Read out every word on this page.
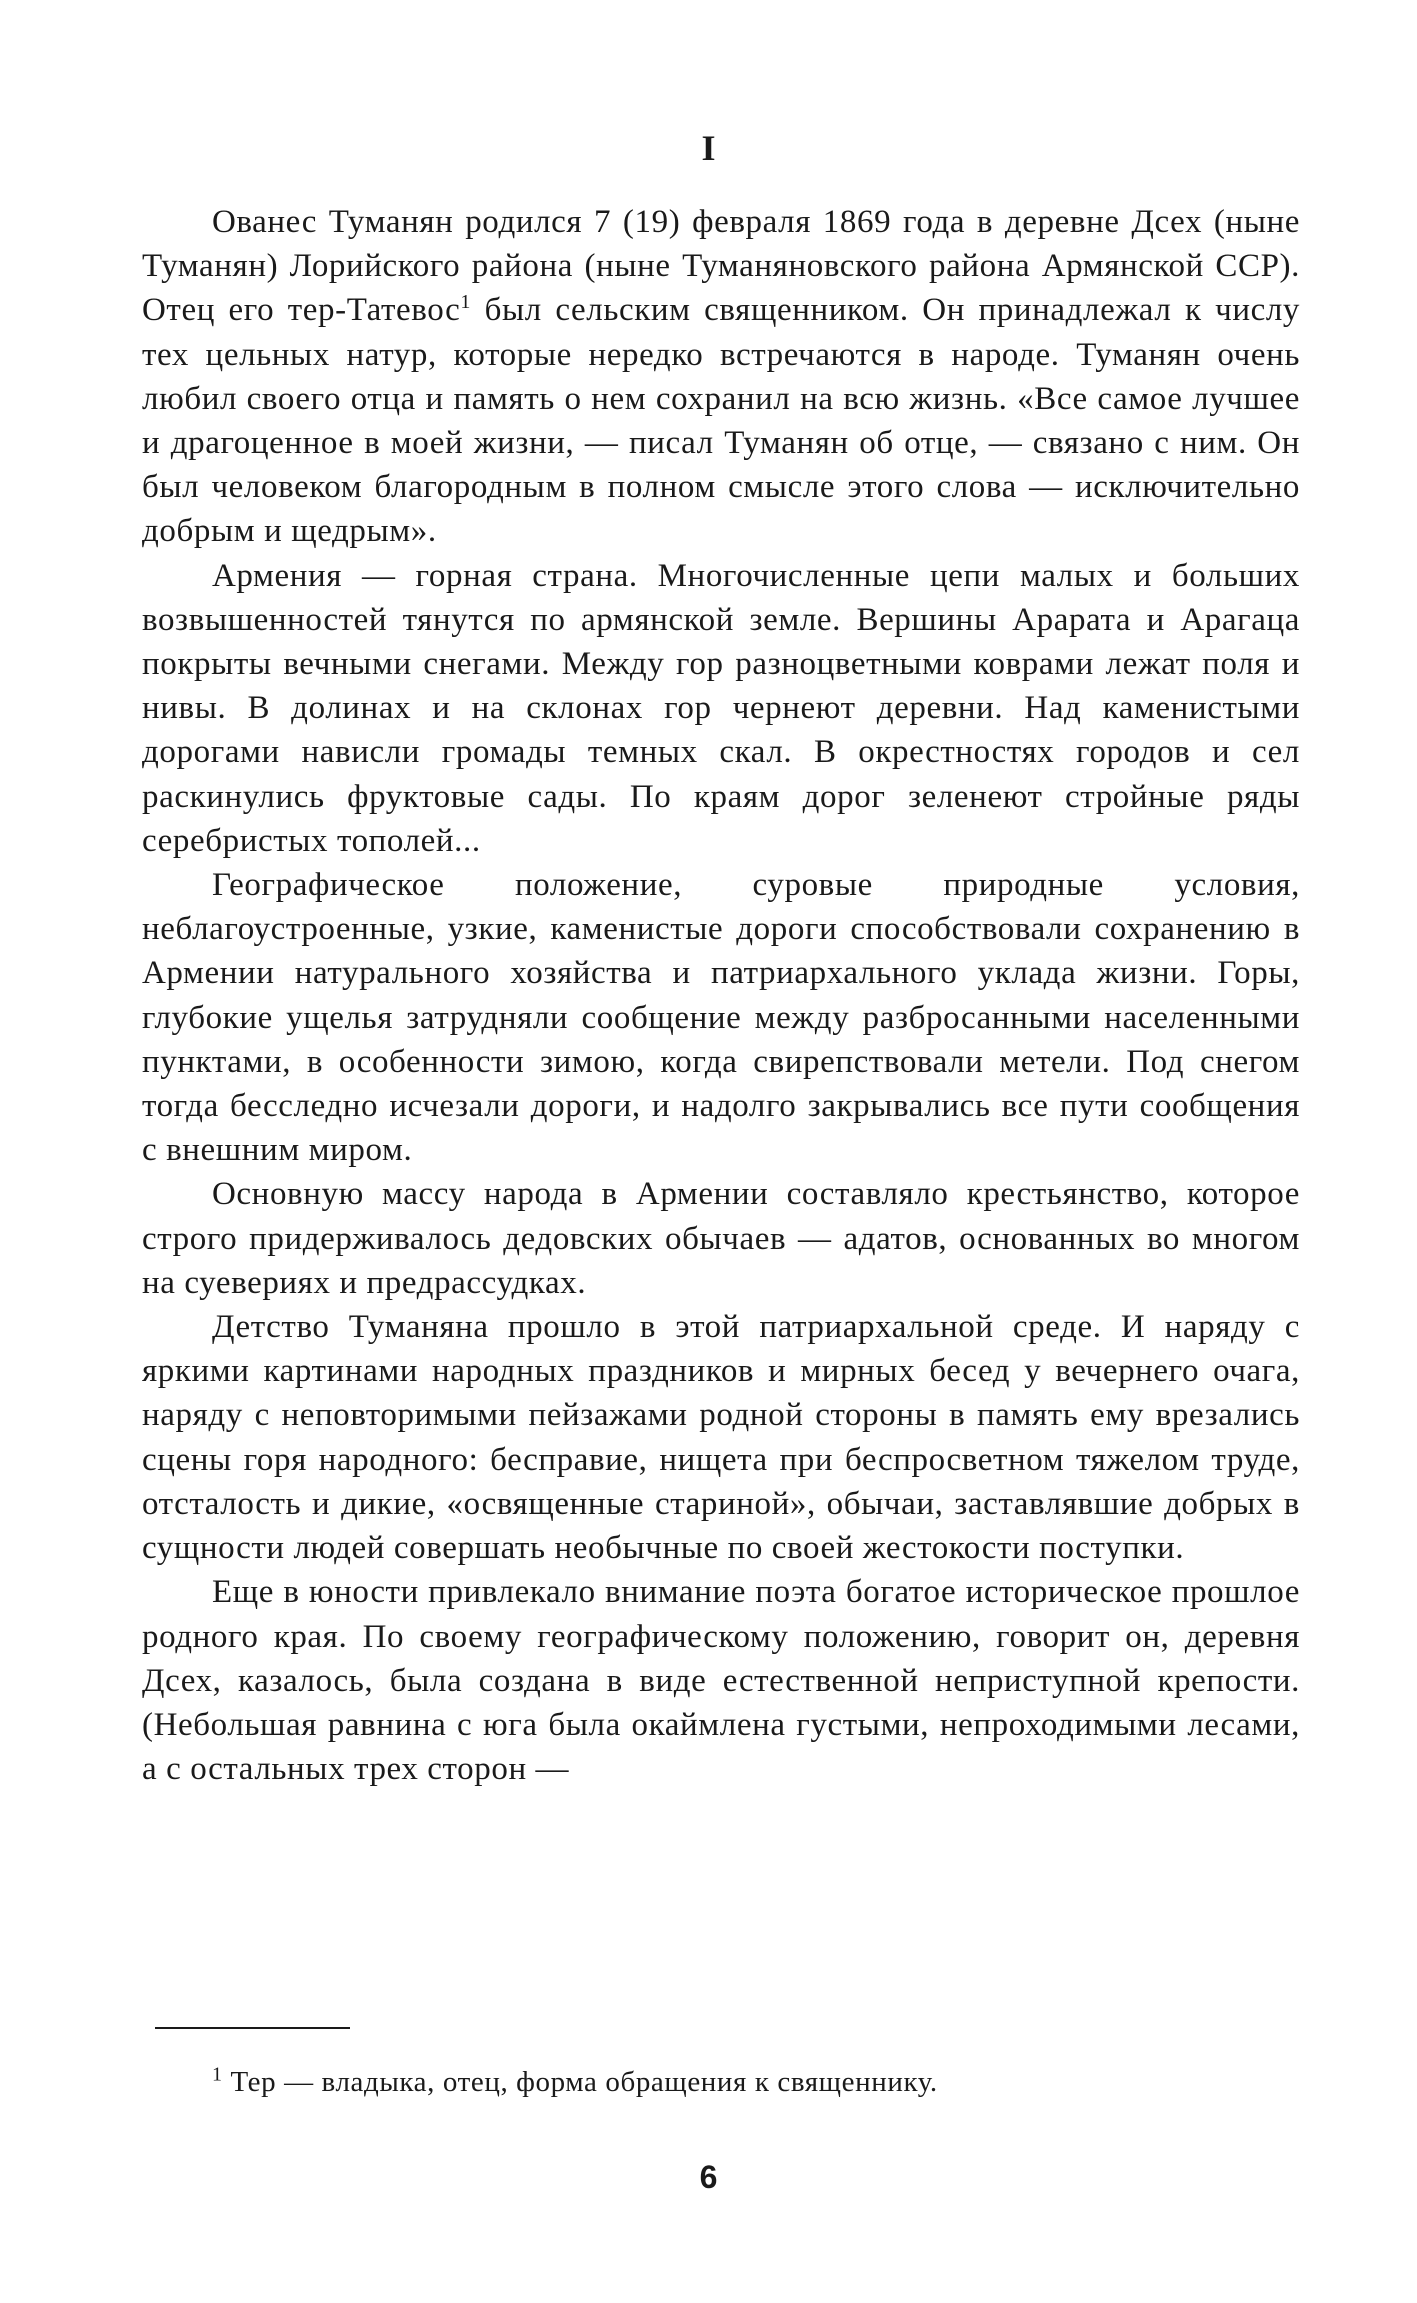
I

Ованес Туманян родился 7 (19) февраля 1869 года в деревне Дсех (ныне Туманян) Лорийского района (ныне Туманяновского района Армянской ССР). Отец его тер-Татевос$^1$ был сельским священником. Он принадлежал к числу тех цельных натур, которые нередко встречаются в народе. Туманян очень любил своего отца и память о нем сохранил на всю жизнь. «Все самое лучшее и драгоценное в моей жизни, — писал Туманян об отце, — связано с ним. Он был человеком благородным в полном смысле этого слова — исключительно добрым и щедрым».

Армения — горная страна. Многочисленные цепи малых и больших возвышенностей тянутся по армянской земле. Вершины Арарата и Арагаца покрыты вечными снегами. Между гор разноцветными коврами лежат поля и нивы. В долинах и на склонах гор чернеют деревни. Над каменистыми дорогами нависли громады темных скал. В окрестностях городов и сел раскинулись фруктовые сады. По краям дорог зеленеют стройные ряды серебристых тополей...

Географическое положение, суровые природные условия, неблагоустроенные, узкие, каменистые дороги способствовали сохранению в Армении натурального хозяйства и патриархального уклада жизни. Горы, глубокие ущелья затрудняли сообщение между разбросанными населенными пунктами, в особенности зимою, когда свирепствовали метели. Под снегом тогда бесследно исчезали дороги, и надолго закрывались все пути сообщения с внешним миром.

Основную массу народа в Армении составляло крестьянство, которое строго придерживалось дедовских обычаев — адатов, основанных во многом на суевериях и предрассудках.

Детство Туманяна прошло в этой патриархальной среде. И наряду с яркими картинами народных праздников и мирных бесед у вечернего очага, наряду с неповторимыми пейзажами родной стороны в память ему врезались сцены горя народного: бесправие, нищета при беспросветном тяжелом труде, отсталость и дикие, «освященные стариной», обычаи, заставлявшие добрых в сущности людей совершать необычные по своей жестокости поступки.

Еще в юности привлекало внимание поэта богатое историческое прошлое родного края. По своему географическому положению, говорит он, деревня Дсех, казалось, была создана в виде естественной неприступной крепости. (Небольшая равнина с юга была окаймлена густыми, непроходимыми лесами, а с остальных трех сторон —

$^1$ Тер — владыка, отец, форма обращения к священнику.
6
